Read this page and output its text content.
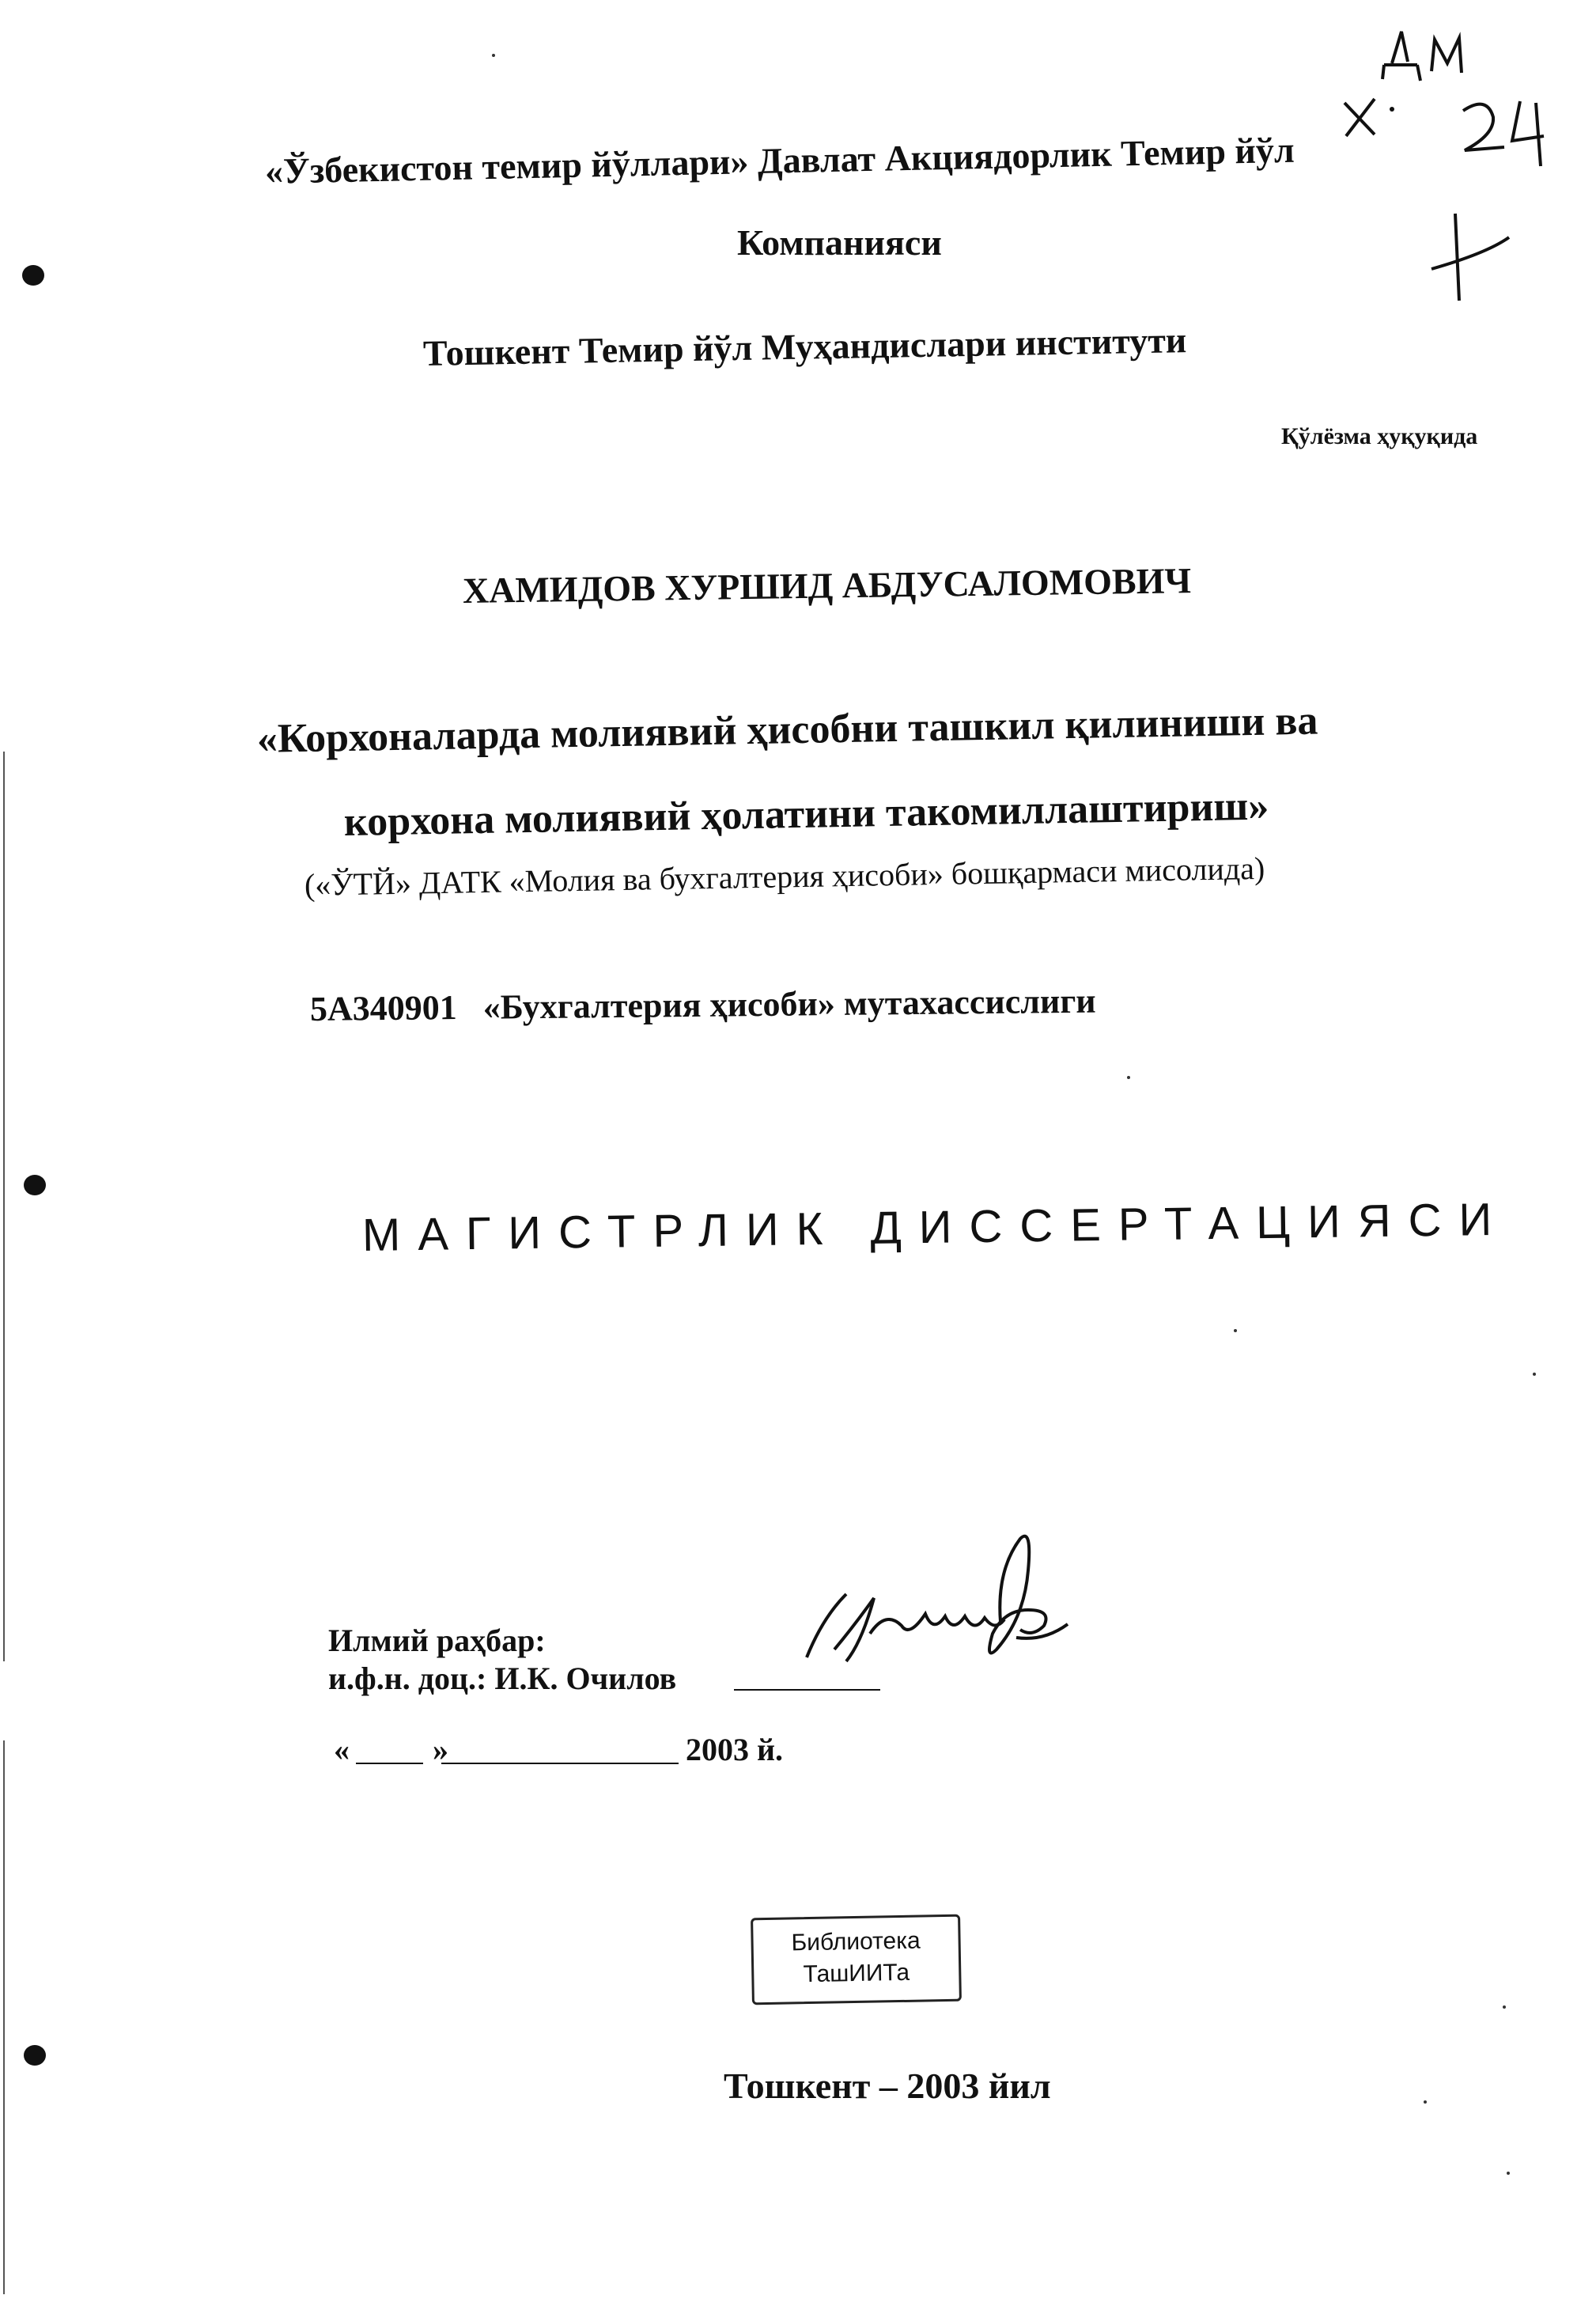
«Ўзбекистон темир йўллари» Давлат Акциядорлик Темир йўл
Компанияси
Тошкент Темир йўл Муҳандислари институти
Қўлёзма ҳуқуқида
ХАМИДОВ ХУРШИД АБДУСАЛОМОВИЧ
«Корхоналарда молиявий ҳисобни ташкил қилиниши ва
корхона молиявий ҳолатини такомиллаштириш»
(«ЎТЙ» ДАТК «Молия ва бухгалтерия ҳисоби» бошқармаси мисолида)
5А340901 «Бухгалтерия ҳисоби» мутахассислиги
МАГИСТРЛИК ДИССЕРТАЦИЯСИ
Илмий раҳбар:
и.ф.н. доц.: И.К. Очилов
«	»	2003 й.
Библиотека
ТашИИТа
Тошкент – 2003 йил
